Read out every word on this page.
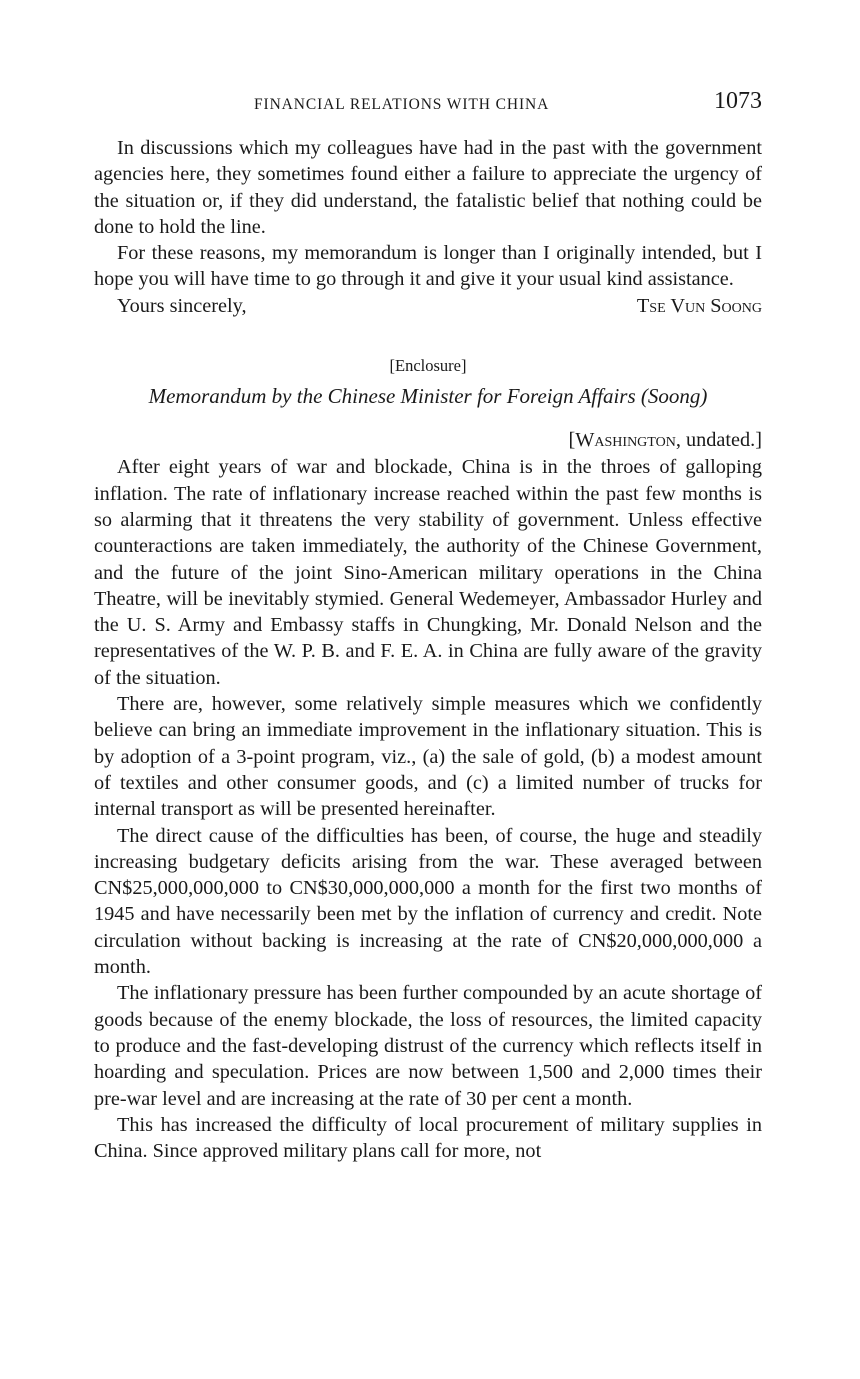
FINANCIAL RELATIONS WITH CHINA	1073

In discussions which my colleagues have had in the past with the government agencies here, they sometimes found either a failure to appreciate the urgency of the situation or, if they did understand, the fatalistic belief that nothing could be done to hold the line.

For these reasons, my memorandum is longer than I originally intended, but I hope you will have time to go through it and give it your usual kind assistance.

Yours sincerely,	Tse Vun Soong
[Enclosure]
Memorandum by the Chinese Minister for Foreign Affairs (Soong)
[Washington, undated.]

After eight years of war and blockade, China is in the throes of galloping inflation. The rate of inflationary increase reached within the past few months is so alarming that it threatens the very stability of government. Unless effective counteractions are taken immediately, the authority of the Chinese Government, and the future of the joint Sino-American military operations in the China Theatre, will be inevitably stymied. General Wedemeyer, Ambassador Hurley and the U. S. Army and Embassy staffs in Chungking, Mr. Donald Nelson and the representatives of the W. P. B. and F. E. A. in China are fully aware of the gravity of the situation.

There are, however, some relatively simple measures which we confidently believe can bring an immediate improvement in the inflationary situation. This is by adoption of a 3-point program, viz., (a) the sale of gold, (b) a modest amount of textiles and other consumer goods, and (c) a limited number of trucks for internal transport as will be presented hereinafter.

The direct cause of the difficulties has been, of course, the huge and steadily increasing budgetary deficits arising from the war. These averaged between CN$25,000,000,000 to CN$30,000,000,000 a month for the first two months of 1945 and have necessarily been met by the inflation of currency and credit. Note circulation without backing is increasing at the rate of CN$20,000,000,000 a month.

The inflationary pressure has been further compounded by an acute shortage of goods because of the enemy blockade, the loss of resources, the limited capacity to produce and the fast-developing distrust of the currency which reflects itself in hoarding and speculation. Prices are now between 1,500 and 2,000 times their pre-war level and are increasing at the rate of 30 per cent a month.

This has increased the difficulty of local procurement of military supplies in China. Since approved military plans call for more, not
